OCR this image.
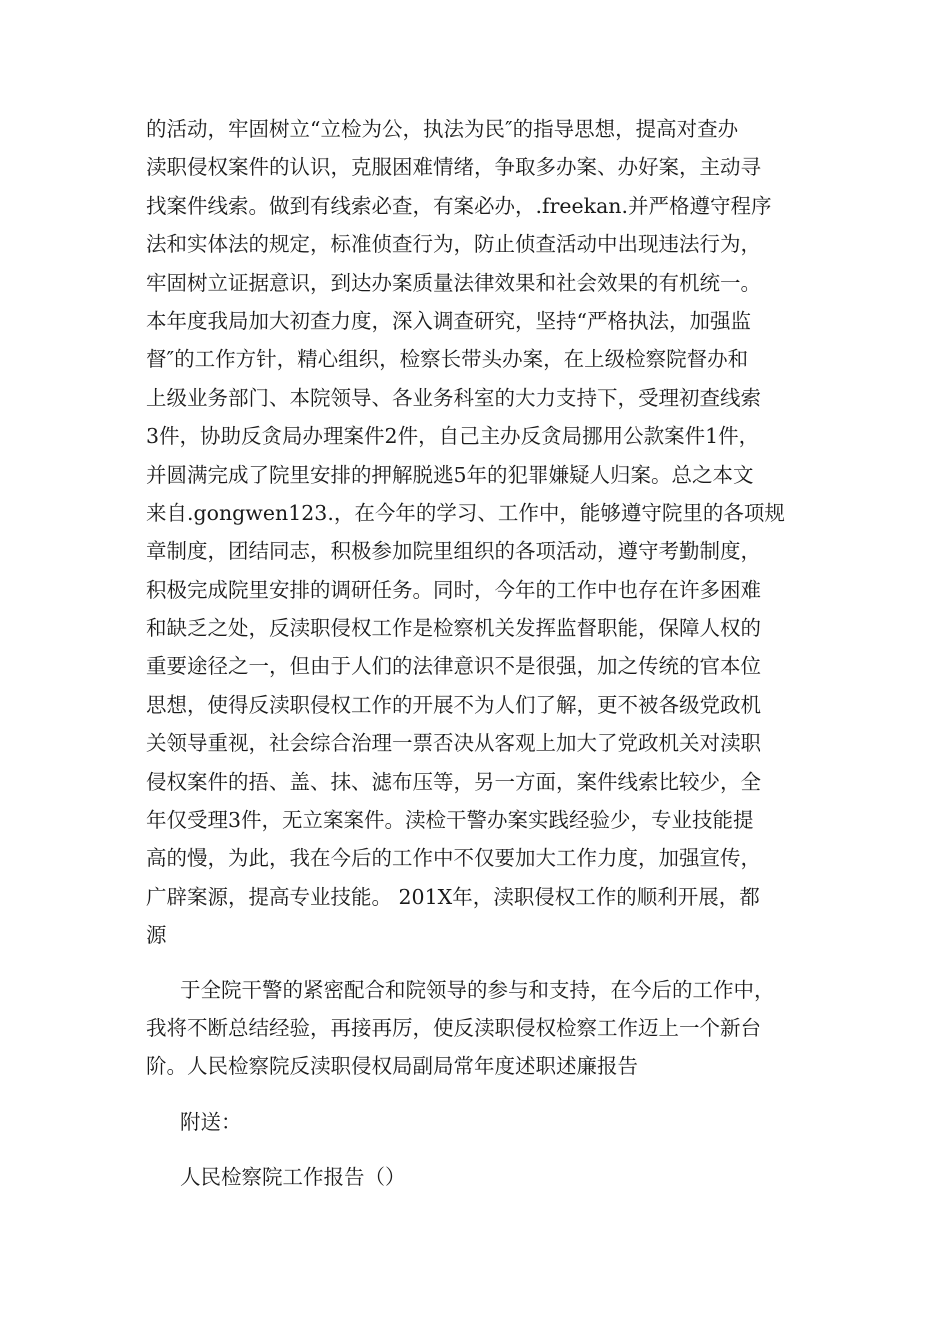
的活动，牢固树立“立检为公，执法为民″的指导思想，提高对查办
渎职侵权案件的认识，克服困难情绪，争取多办案、办好案，主动寻
找案件线索。做到有线索必查，有案必办，.freekan.并严格遵守程序
法和实体法的规定，标准侦查行为，防止侦查活动中出现违法行为，
牢固树立证据意识，到达办案质量法律效果和社会效果的有机统一。
本年度我局加大初查力度，深入调查研究，坚持“严格执法，加强监
督″的工作方针，精心组织，检察长带头办案，在上级检察院督办和
上级业务部门、本院领导、各业务科室的大力支持下，受理初查线索
3件，协助反贪局办理案件2件，自己主办反贪局挪用公款案件1件，
并圆满完成了院里安排的押解脱逃5年的犯罪嫌疑人归案。总之本文
来自.gongwen123.，在今年的学习、工作中，能够遵守院里的各项规
章制度，团结同志，积极参加院里组织的各项活动，遵守考勤制度，
积极完成院里安排的调研任务。同时，今年的工作中也存在许多困难
和缺乏之处，反渎职侵权工作是检察机关发挥监督职能，保障人权的
重要途径之一，但由于人们的法律意识不是很强，加之传统的官本位
思想，使得反渎职侵权工作的开展不为人们了解，更不被各级党政机
关领导重视，社会综合治理一票否决从客观上加大了党政机关对渎职
侵权案件的捂、盖、抹、滤布压等，另一方面，案件线索比较少，全
年仅受理3件，无立案案件。渎检干警办案实践经验少，专业技能提
高的慢，为此，我在今后的工作中不仅要加大工作力度，加强宣传，
广辟案源，提高专业技能。 201X年，渎职侵权工作的顺利开展，都
源
于全院干警的紧密配合和院领导的参与和支持，在今后的工作中，
我将不断总结经验，再接再厉，使反渎职侵权检察工作迈上一个新台
阶。人民检察院反渎职侵权局副局常年度述职述廉报告
附送：
人民检察院工作报告（）
